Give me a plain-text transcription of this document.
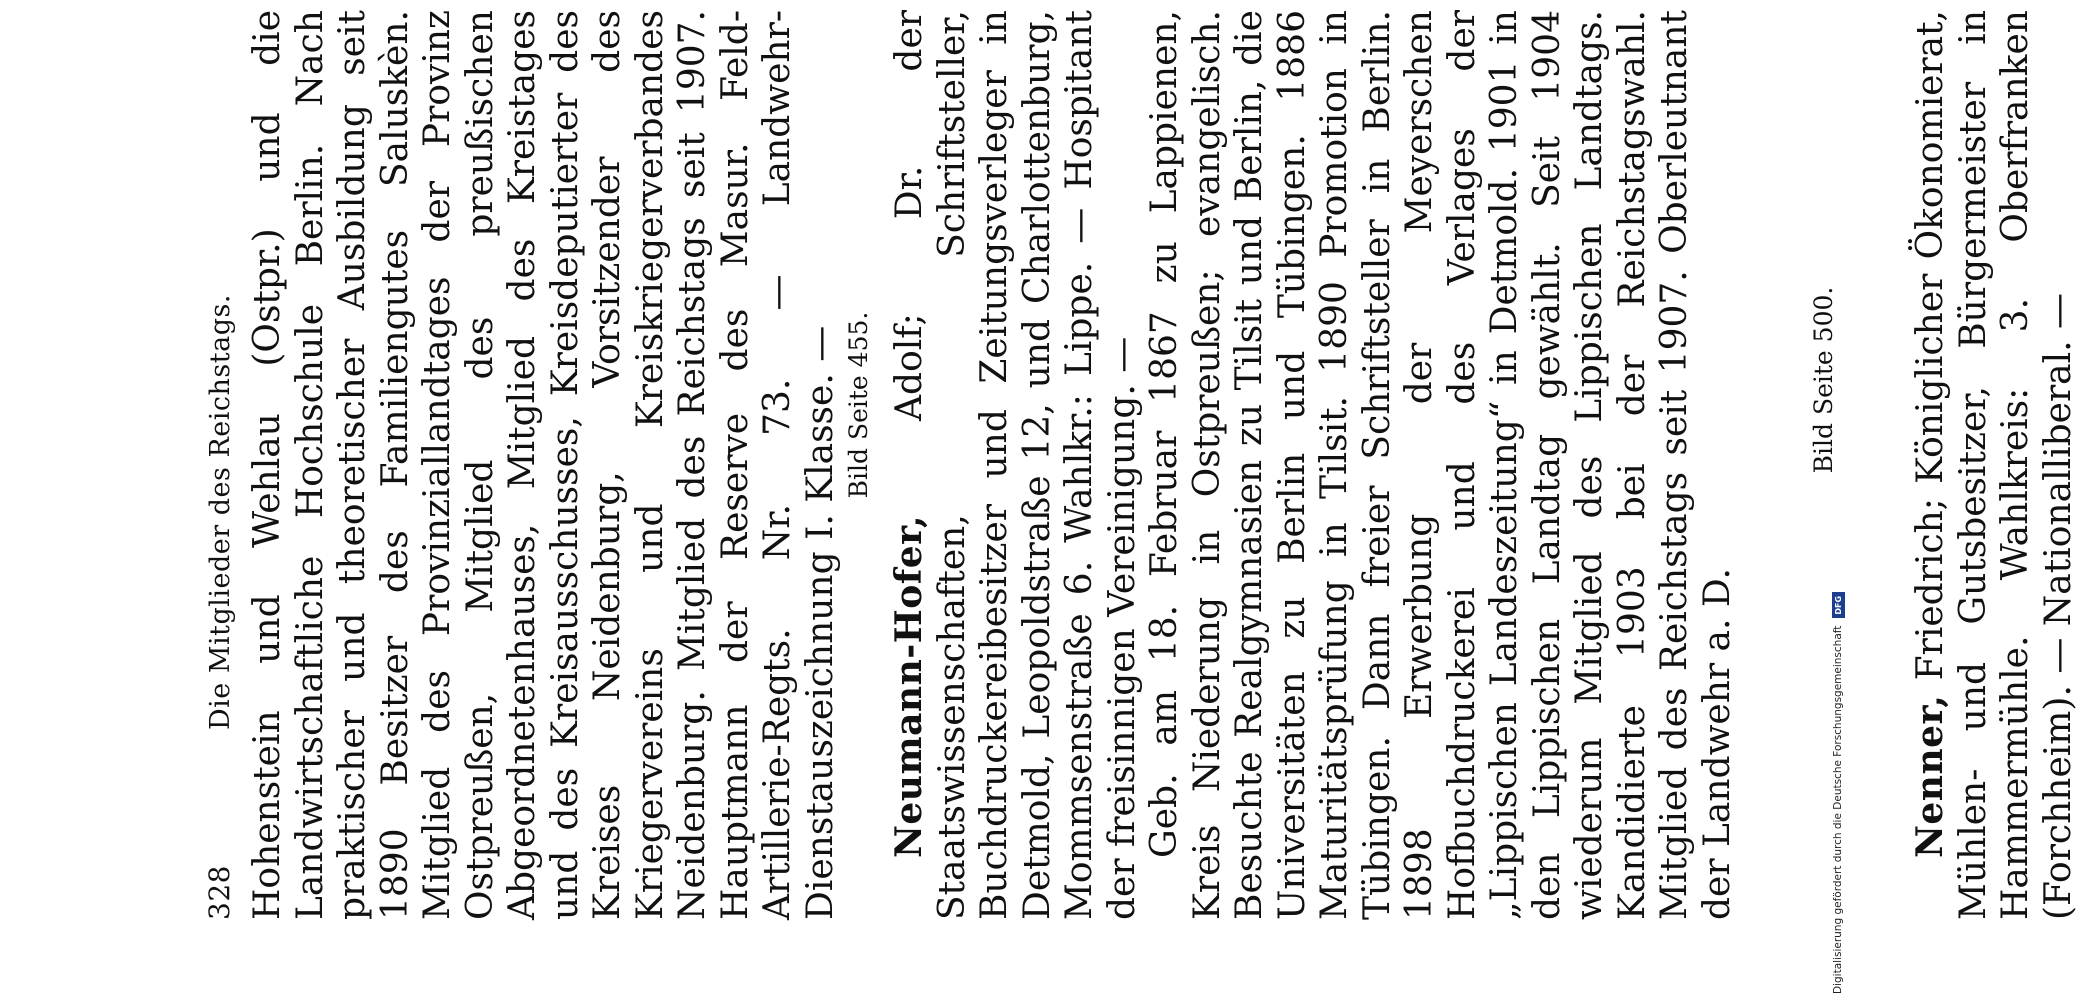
328
Die Mitglieder des Reichstags. Hohenstein und Wehlau (Ostpr.) und die Landwirtschaftliche Hochschule Berlin. Nach praktischer und theoretischer Ausbildung seit 1890 Besitzer des Familiengutes Saluskèn. Mitglied des Provinziallandtages der Provinz Ostpreußen, Mitglied des preußischen Abgeordnetenhauses, Mitglied des Kreistages und des Kreisausschusses, Kreisdeputierter des Kreises Neidenburg, Vorsitzender des Kriegervereins und Kreiskriegerverbandes Neidenburg. Mitglied des Reichstags seit 1907. Hauptmann der Reserve des Masur. Feld-Artillerie-Regts. Nr. 73. — Landwehr-Dienstauszeichnung I. Klasse. — Bild Seite 455.

Neumann-Hofer, Adolf; Dr. der Staatswissenschaften, Schriftsteller, Buchdruckereibesitzer und Zeitungsverleger in Detmold, Leopoldstraße 12, und Charlottenburg, Mommsenstraße 6. Wahlkr.: Lippe. — Hospitant der freisinnigen Vereinigung. — Geb. am 18. Februar 1867 zu Lappienen, Kreis Niederung in Ostpreußen; evangelisch. Besuchte Realgymnasien zu Tilsit und Berlin, die Universitäten zu Berlin und Tübingen. 1886 Maturitätsprüfung in Tilsit. 1890 Promotion in Tübingen. Dann freier Schriftsteller in Berlin. 1898 Erwerbung der Meyerschen Hofbuchdruckerei und des Verlages der „Lippischen Landeszeitung“ in Detmold. 1901 in den Lippischen Landtag gewählt. Seit 1904 wiederum Mitglied des Lippischen Landtags. Kandidierte 1903 bei der Reichstagswahl. Mitglied des Reichstags seit 1907. Oberleutnant der Landwehr a. D.

Bild Seite 500.

Nenner, Friedrich; Königlicher Ökonomierat, Mühlen- und Gutsbesitzer, Bürgermeister in Hammermühle. Wahlkreis: 3. Oberfranken (Forchheim). — Nationalliberal. —

Digitalisierung gefördert durch die Deutsche Forschungsgemeinschaft DFG
